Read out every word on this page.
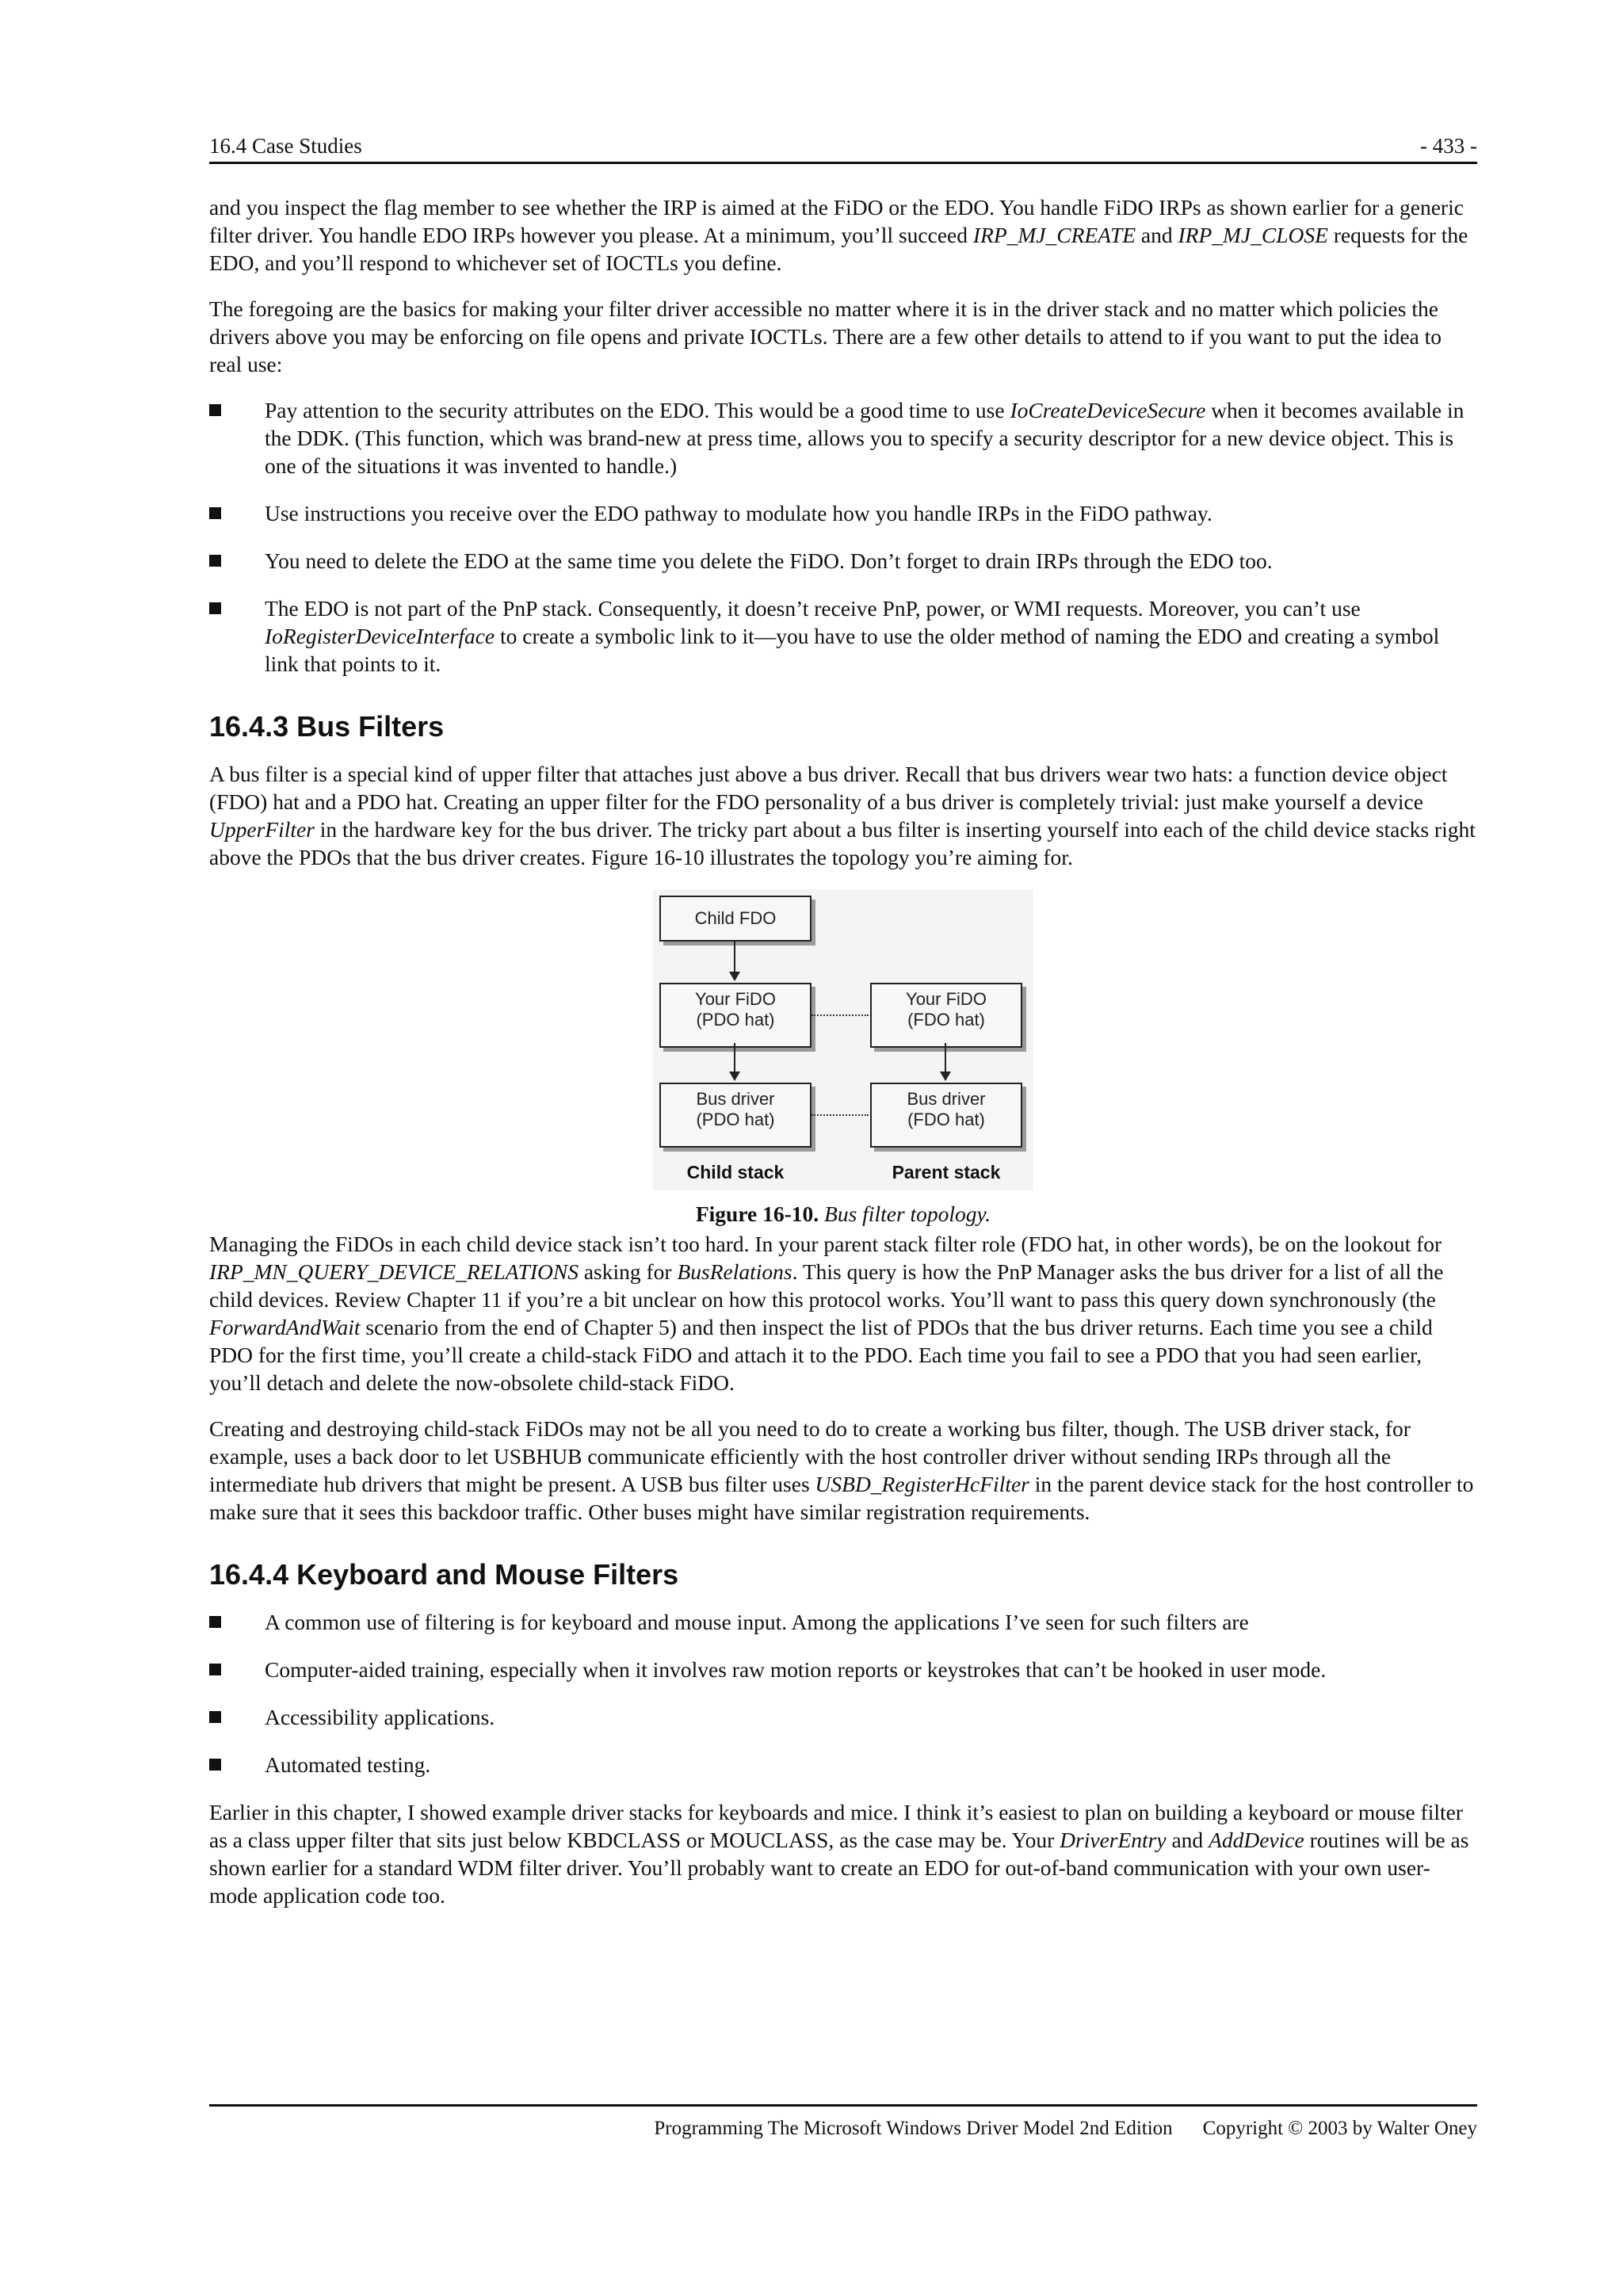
16.4 Case Studies	- 433 -

and you inspect the flag member to see whether the IRP is aimed at the FiDO or the EDO. You handle FiDO IRPs as shown earlier for a generic filter driver. You handle EDO IRPs however you please. At a minimum, you’ll succeed IRP_MJ_CREATE and IRP_MJ_CLOSE requests for the EDO, and you’ll respond to whichever set of IOCTLs you define.

The foregoing are the basics for making your filter driver accessible no matter where it is in the driver stack and no matter which policies the drivers above you may be enforcing on file opens and private IOCTLs. There are a few other details to attend to if you want to put the idea to real use:

Pay attention to the security attributes on the EDO. This would be a good time to use IoCreateDeviceSecure when it becomes available in the DDK. (This function, which was brand-new at press time, allows you to specify a security descriptor for a new device object. This is one of the situations it was invented to handle.)
Use instructions you receive over the EDO pathway to modulate how you handle IRPs in the FiDO pathway.
You need to delete the EDO at the same time you delete the FiDO. Don’t forget to drain IRPs through the EDO too.
The EDO is not part of the PnP stack. Consequently, it doesn’t receive PnP, power, or WMI requests. Moreover, you can’t use IoRegisterDeviceInterface to create a symbolic link to it—you have to use the older method of naming the EDO and creating a symbol link that points to it.
16.4.3 Bus Filters

A bus filter is a special kind of upper filter that attaches just above a bus driver. Recall that bus drivers wear two hats: a function device object (FDO) hat and a PDO hat. Creating an upper filter for the FDO personality of a bus driver is completely trivial: just make yourself a device UpperFilter in the hardware key for the bus driver. The tricky part about a bus filter is inserting yourself into each of the child device stacks right above the PDOs that the bus driver creates. Figure 16-10 illustrates the topology you’re aiming for.

Child FDO
Your FiDO
(PDO hat)
Your FiDO
(FDO hat)
Bus driver
(PDO hat)
Bus driver
(FDO hat)
Child stack	Parent stack
Figure 16-10. Bus filter topology.

Managing the FiDOs in each child device stack isn’t too hard. In your parent stack filter role (FDO hat, in other words), be on the lookout for IRP_MN_QUERY_DEVICE_RELATIONS asking for BusRelations. This query is how the PnP Manager asks the bus driver for a list of all the child devices. Review Chapter 11 if you’re a bit unclear on how this protocol works. You’ll want to pass this query down synchronously (the ForwardAndWait scenario from the end of Chapter 5) and then inspect the list of PDOs that the bus driver returns. Each time you see a child PDO for the first time, you’ll create a child-stack FiDO and attach it to the PDO. Each time you fail to see a PDO that you had seen earlier, you’ll detach and delete the now-obsolete child-stack FiDO.

Creating and destroying child-stack FiDOs may not be all you need to do to create a working bus filter, though. The USB driver stack, for example, uses a back door to let USBHUB communicate efficiently with the host controller driver without sending IRPs through all the intermediate hub drivers that might be present. A USB bus filter uses USBD_RegisterHcFilter in the parent device stack for the host controller to make sure that it sees this backdoor traffic. Other buses might have similar registration requirements.

16.4.4 Keyboard and Mouse Filters
A common use of filtering is for keyboard and mouse input. Among the applications I’ve seen for such filters are
Computer-aided training, especially when it involves raw motion reports or keystrokes that can’t be hooked in user mode.
Accessibility applications.
Automated testing.

Earlier in this chapter, I showed example driver stacks for keyboards and mice. I think it’s easiest to plan on building a keyboard or mouse filter as a class upper filter that sits just below KBDCLASS or MOUCLASS, as the case may be. Your DriverEntry and AddDevice routines will be as shown earlier for a standard WDM filter driver. You’ll probably want to create an EDO for out-of-band communication with your own user-mode application code too.

Programming The Microsoft Windows Driver Model 2nd Edition Copyright © 2003 by Walter Oney
